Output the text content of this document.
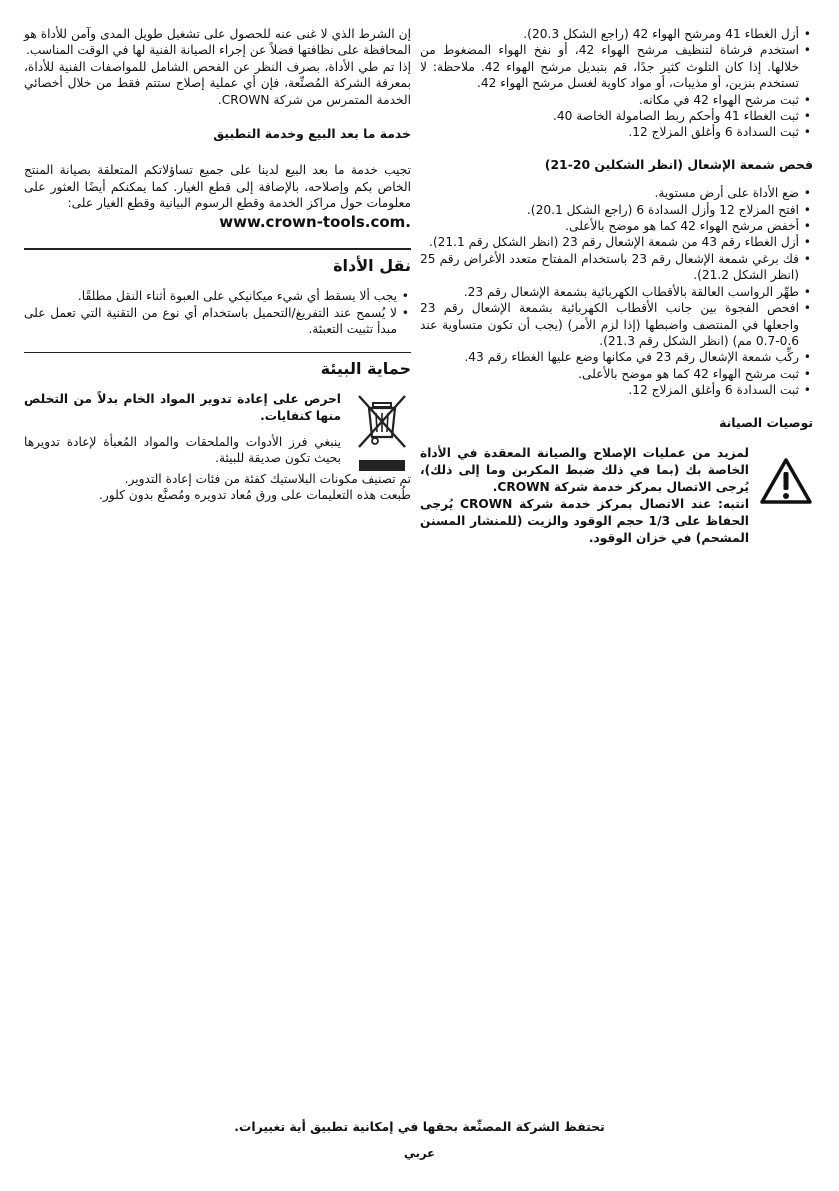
• أزل الغطاء 41 ومرشح الهواء 42 (راجع الشكل 20.3).
• استخدم فرشاة لتنظيف مرشح الهواء 42، أو نفخ الهواء المضغوط من خلالها. إذا كان التلوث كثير جدًا، قم بتبديل مرشح الهواء 42. ملاحظة: لا تستخدم بنزين، أو مذيبات، أو مواد كاوية لغسل مرشح الهواء 42.
• ثبت مرشح الهواء 42 في مكانه.
• ثبت الغطاء 41 وأحكم ربط الصامولة الخاصة 40.
• ثبت السدادة 6 وأغلق المزلاج 12.
فحص شمعة الإشعال (انظر الشكلين 20-21)
• ضع الأداة على أرض مستوية.
• افتح المزلاج 12 وأزل السدادة 6 (راجع الشكل 20.1).
• أخفض مرشح الهواء 42 كما هو موضح بالأعلى.
• أزل الغطاء رقم 43 من شمعة الإشعال رقم 23 (انظر الشكل رقم 21.1).
• فك برغي شمعة الإشعال رقم 23 باستخدام المفتاح متعدد الأغراض رقم 25 (انظر الشكل 21.2).
• طهِّر الرواسب العالقة بالأقطاب الكهربائية بشمعة الإشعال رقم 23.
• افحص الفجوة بين جانب الأقطاب الكهربائية بشمعة الإشعال رقم 23 واجعلها في المنتصف واضبطها (إذا لزم الأمر) (يجب أن تكون متساوية عند 0.6-0.7 مم) (انظر الشكل رقم 21.3).
• ركِّب شمعة الإشعال رقم 23 في مكانها وضع عليها الغطاء رقم 43.
• ثبت مرشح الهواء 42 كما هو موضح بالأعلى.
• ثبت السدادة 6 وأغلق المزلاج 12.
توصيات الصيانة
لمزيد من عمليات الإصلاح والصيانة المعقدة في الأداة الخاصة بك (بما في ذلك ضبط المكربن وما إلى ذلك)، يُرجى الاتصال بمركز خدمة شركة CROWN.
انتبه: عند الاتصال بمركز خدمة شركة CROWN يُرجى الحفاظ على 1/3 حجم الوقود والزيت (للمنشار المسنن المشحم) في خزان الوقود.

إن الشرط الذي لا غنى عنه للحصول على تشغيل طويل المدى وآمن للأداة هو المحافظة على نظافتها فضلاً عن إجراء الصيانة الفنية لها في الوقت المناسب.

إذا تم طي الأداة، بصرف النظر عن الفحص الشامل للمواصفات الفنية للأداة، بمعرفة الشركة المُصنِّعة، فإن أي عملية إصلاح ستتم فقط من خلال أخصائي الخدمة المتمرس من شركة CROWN.

خدمة ما بعد البيع وخدمة التطبيق

تجيب خدمة ما بعد البيع لدينا على جميع تساؤلاتكم المتعلقة بصيانة المنتج الخاص بكم وإصلاحه، بالإضافة إلى قطع الغيار. كما يمكنكم أيضًا العثور على معلومات حول مراكز الخدمة وقطع الرسوم البيانية وقطع الغيار على:

www.crown-tools.com.
نقل الأداة
• يجب ألا يسقط أي شيء ميكانيكي على العبوة أثناء النقل مطلقًا.
• لا يُسمح عند التفريغ/التحميل باستخدام أي نوع من التقنية التي تعمل على مبدأ تثبيت التعبئة.
حماية البيئة
احرص على إعادة تدوير المواد الخام بدلاً من التخلص منها كنفايات.

ينبغي فرز الأدوات والملحقات والمواد المُعبأة لإعادة تدويرها بحيث تكون صديقة للبيئة.

تم تصنيف مكونات البلاستيك كفئة من فئات إعادة التدوير.

طُبعت هذه التعليمات على ورق مُعاد تدويره ومُصنَّع بدون كلور.

تحتفظ الشركة المصنِّعة بحقها في إمكانية تطبيق أية تغييرات.
عربي
